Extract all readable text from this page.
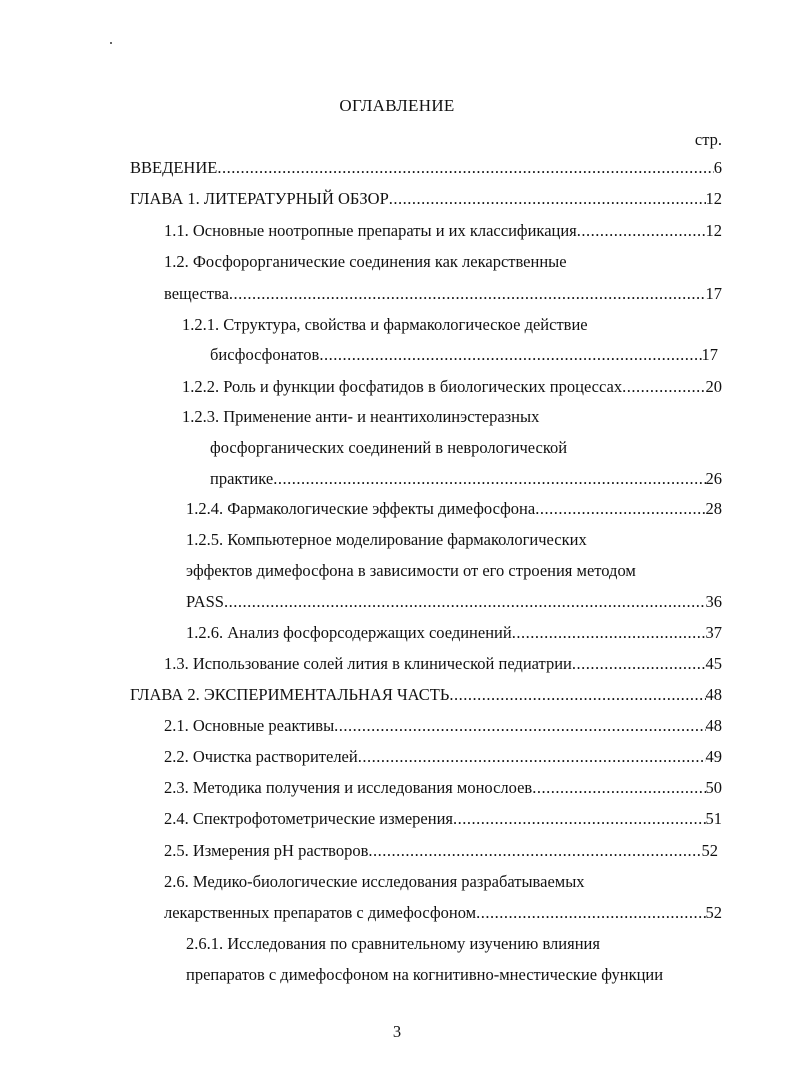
ОГЛАВЛЕНИЕ
стр.
ВВЕДЕНИЕ .....	6
ГЛАВА 1. ЛИТЕРАТУРНЫЙ ОБЗОР .....	12
1.1. Основные ноотропные препараты и их классификация .....	12
1.2. Фосфорорганические соединения как лекарственные
вещества .....	17
1.2.1. Структура, свойства и фармакологическое действие
бисфосфонатов .....	17
1.2.2. Роль и функции фосфатидов в биологических процессах .....	20
1.2.3. Применение анти- и неантихолинэстеразных
фосфорганических соединений в неврологической
практике .....	26
1.2.4. Фармакологические эффекты димефосфона .....	28
1.2.5. Компьютерное моделирование фармакологических
эффектов димефосфона в зависимости от его строения методом
PASS .....	36
1.2.6. Анализ фосфорсодержащих соединений .....	37
1.3. Использование солей лития в клинической педиатрии .....	45
ГЛАВА 2. ЭКСПЕРИМЕНТАЛЬНАЯ ЧАСТЬ .....	48
2.1. Основные реактивы .....	48
2.2. Очистка растворителей .....	49
2.3. Методика получения и исследования монослоев .....	50
2.4. Спектрофотометрические измерения .....	51
2.5. Измерения рН растворов .....	52
2.6. Медико-биологические исследования разрабатываемых
лекарственных препаратов с димефосфоном .....	52
2.6.1. Исследования по сравнительному изучению влияния
препаратов с димефосфоном на когнитивно-мнестические функции
3
